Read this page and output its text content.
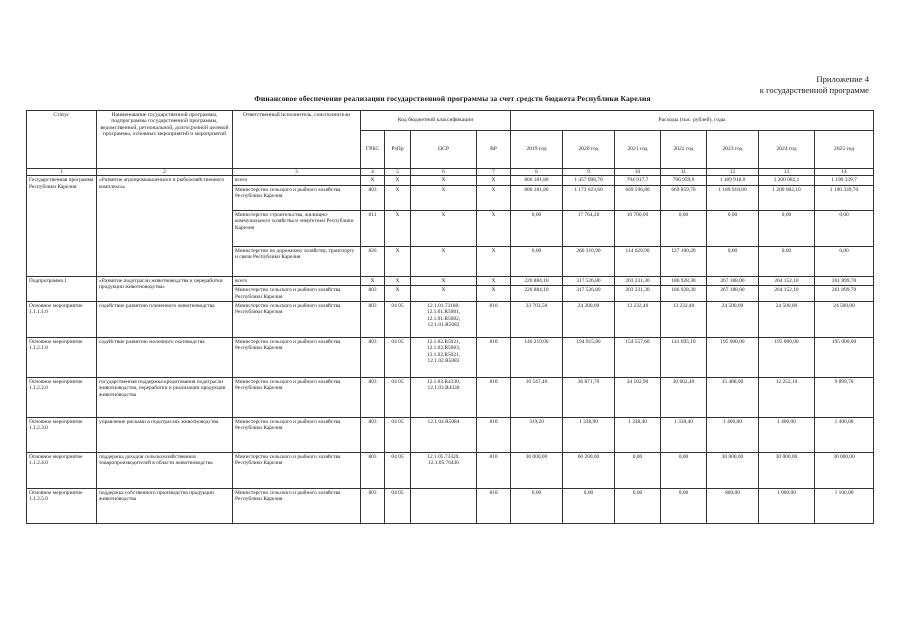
Приложение 4
к государственной программе
Финансовое обеспечение реализации государственной программы за счет средств бюджета Республики Карелия
Статус	Наименование государственной программы, подпрограммы государственной программы, ведомственной, региональной, долгосрочной целевой программы, основных мероприятий и мероприятий	Ответственный исполнитель, соисполнители	Код бюджетной классификации				Расходы (тыс. рублей), годы						
			ГРБС	РзПр	ЦСР	ВР	2019 год	2020 год	2021 год	2022 год	2023 год	2024 год	2025 год
1	2	3	4	5	6	7	8	9	10	11	12	13	14
Государственная программа Республики Карелия	«Развитие агропромышленного и рыбохозяйственного комплекса»	всего	X	X	X	X	806 181,80	1 457 098,70	794 917,7	796 959,9	1 189 918,0	1 200 082,1	1 190 339,7
		Министерство сельского и рыбного хозяйства Республики Карелия	803	X	X	X	806 181,80	1 173 023,60	669 596,80	669 859,70	1 189 918,00	1 200 082,10	1 190 339,70
		Министерство строительства, жилищно-коммунального хозяйства и энергетики Республики Карелия	811	X	X	X	0,00	17 764,20	10 700,00	0,00	0,00	0,00	0,00
		Министерство по дорожному хозяйству, транспорту и связи Республики Карелия	826	X	X	X	0,00	266 310,90	114 620,90	127 100,20	0,00	0,00	0,00
Подпрограмма 1	«Развитие подотрасли животноводства и переработки продукции животноводства»	всего	X	X	X	X	220 884,10	317 526,80	203 231,30	186 928,30	267 188,00	264 152,10	261 899,70
		Министерство сельского и рыбного хозяйства Республики Карелия	803	X	X	X	220 884,10	317 526,80	203 231,30	186 928,30	267 188,00	264 152,10	261 899,70
Основное мероприятие 1.1.1.1.0	содействие развитию племенного животноводства	Министерство сельского и рыбного хозяйства Республики Карелия	803	04 05	12.1.01.73180, 12.1.01.R5081, 12.1.01.R5082, 12.1.01.R5082	810	33 703,50	24 200,00	13 232,40	13 232,40	24 500,00	24 500,00	24 500,00
Основное мероприятие 1.1.2.1.0	содействие развитию молочного скотоводства	Министерство сельского и рыбного хозяйства Республики Карелия	803	04 05	12.1.02.R5021, 12.1.02.R5083, 12.1.02.R5021, 12.1.02.R5083	810	146 319,00	194 915,80	154 557,60	141 695,10	195 000,00	195 000,00	195 000,00
Основное мероприятие 1.1.2.2.0	государственная поддержка кредитования подотрасли животноводства, переработки и реализации продукции животноводства	Министерство сельского и рыбного хозяйства Республики Карелия	803	04 05	12.1.03.R4330, 12.1.03.R4330	810	10 547,40	36 871,70	34 102,90	30 662,40	15 488,00	12 252,10	9 899,70
Основное мероприятие 1.1.2.3.0	управление рисками в подотраслях животноводства	Министерство сельского и рыбного хозяйства Республики Карелия	803	04 05	12.1.04.R5084	810	319,20	1 338,90	1 338,40	1 338,40	1 400,00	1 400,00	1 400,00
Основное мероприятие 1.1.2.4.0	поддержка доходов сельскохозяйственных товаропроизводителей в области животноводства	Министерство сельского и рыбного хозяйства Республики Карелия	803	04 05	12.1.05.73320, 12.1.05.76430	810	30 000,00	60 200,00	0,00	0,00	30 000,00	30 000,00	30 000,00
Основное мероприятие 1.1.2.5.0	поддержка собственного производства продукции животноводства	Министерство сельского и рыбного хозяйства Республики Карелия	803	04 05		810	0,00	0,00	0,00	0,00	800,00	1 000,00	1 100,00
